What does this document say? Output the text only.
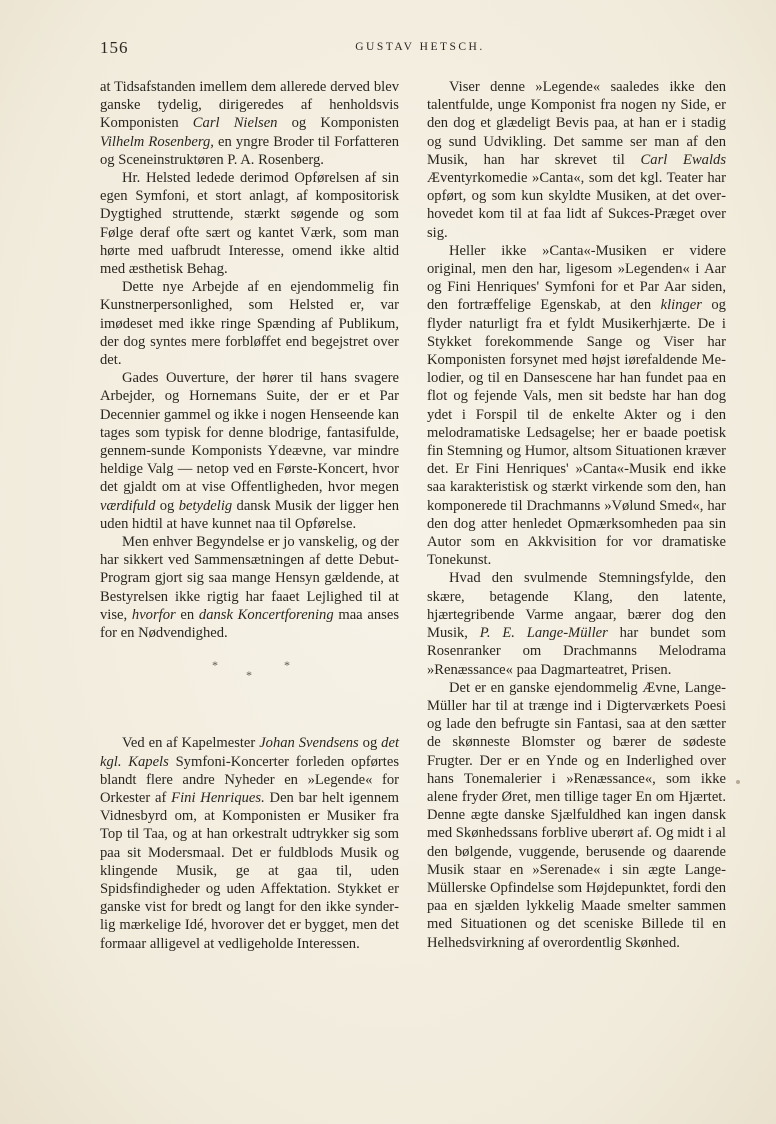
156	GUSTAV HETSCH.

at Tidsafstanden imellem dem allerede derved blev ganske tydelig, dirigeredes af henholdsvis Komponisten Carl Nielsen og Komponisten Vilhelm Rosenberg, en yngre Broder til Forfatteren og Sceneinstruktøren P. A. Rosenberg.

Hr. Helsted ledede derimod Opførelsen af sin egen Symfoni, et stort anlagt, af kompositorisk Dygtighed struttende, stærkt søgende og som Følge deraf ofte sært og kantet Værk, som man hørte med uafbrudt Interesse, omend ikke altid med æsthetisk Behag.

Dette nye Arbejde af en ejendommelig fin Kunstnerpersonlighed, som Helsted er, var imødeset med ikke ringe Spænding af Publikum, der dog syntes mere forbløffet end begejstret over det.

Gades Ouverture, der hører til hans svagere Arbejder, og Hornemans Suite, der er et Par Decennier gammel og ikke i nogen Henseende kan tages som typisk for denne blodrige, fantasifulde, gennem-sunde Komponists Ydeævne, var mindre heldige Valg — netop ved en Første-Koncert, hvor det gjaldt om at vise Offentligheden, hvor megen værdifuld og betydelig dansk Musik der ligger hen uden hidtil at have kunnet naa til Opførelse.

Men enhver Begyndelse er jo vanskelig, og der har sikkert ved Sammensætningen af dette Debut-Program gjort sig saa mange Hensyn gældende, at Bestyrelsen ikke rigtig har faaet Lejlighed til at vise, hvorfor en dansk Koncertforening maa anses for en Nødvendighed.

*
*
*

Ved en af Kapelmester Johan Svendsens og det kgl. Kapels Symfoni-Koncerter forleden opførtes blandt flere andre Nyheder en »Legende« for Orkester af Fini Henriques. Den bar helt igennem Vidnesbyrd om, at Komponisten er Musiker fra Top til Taa, og at han orkestralt udtrykker sig som paa sit Modersmaal. Det er fuldblods Musik og klingende Musik, ge at gaa til, uden Spidsfindigheder og uden Affektation. Stykket er ganske vist for bredt og langt for den ikke synderlig mærkelige Idé, hvorover det er bygget, men det formaar alligevel at vedligeholde Interessen.

Viser denne »Legende« saaledes ikke den talentfulde, unge Komponist fra nogen ny Side, er den dog et glædeligt Bevis paa, at han er i stadig og sund Udvikling. Det samme ser man af den Musik, han har skrevet til Carl Ewalds Æventyrkomedie »Canta«, som det kgl. Teater har opført, og som kun skyldte Musiken, at det overhovedet kom til at faa lidt af Sukces-Præget over sig.

Heller ikke »Canta«-Musiken er videre original, men den har, ligesom »Legenden« i Aar og Fini Henriques' Symfoni for et Par Aar siden, den fortræffelige Egenskab, at den klinger og flyder naturligt fra et fyldt Musikerhjærte. De i Stykket forekommende Sange og Viser har Komponisten forsynet med højst iørefaldende Melodier, og til en Dansescene har han fundet paa en flot og fejende Vals, men sit bedste har han dog ydet i Forspil til de enkelte Akter og i den melodramatiske Ledsagelse; her er baade poetisk fin Stemning og Humor, altsom Situationen kræver det. Er Fini Henriques' »Canta«-Musik end ikke saa karakteristisk og stærkt virkende som den, han komponerede til Drachmanns »Vølund Smed«, har den dog atter henledet Opmærksomheden paa sin Autor som en Akkvisition for vor dramatiske Tonekunst.

Hvad den svulmende Stemningsfylde, den skære, betagende Klang, den latente, hjærtegribende Varme angaar, bærer dog den Musik, P. E. Lange-Müller har bundet som Rosenranker om Drachmanns Melodrama »Renæssance« paa Dagmarteatret, Prisen.

Det er en ganske ejendommelig Ævne, Lange-Müller har til at trænge ind i Digterværkets Poesi og lade den befrugte sin Fantasi, saa at den sætter de skønneste Blomster og bærer de sødeste Frugter. Der er en Ynde og en Inderlighed over hans Tonemalerier i »Renæssance«, som ikke alene fryder Øret, men tillige tager En om Hjærtet. Denne ægte danske Sjælfuldhed kan ingen dansk med Skønhedssans forblive uberørt af. Og midt i al den bølgende, vuggende, berusende og daarende Musik staar en »Serenade« i sin ægte Lange-Müllerske Opfindelse som Højdepunktet, fordi den paa en sjælden lykkelig Maade smelter sammen med Situationen og det sceniske Billede til en Helhedsvirkning af overordentlig Skønhed.
